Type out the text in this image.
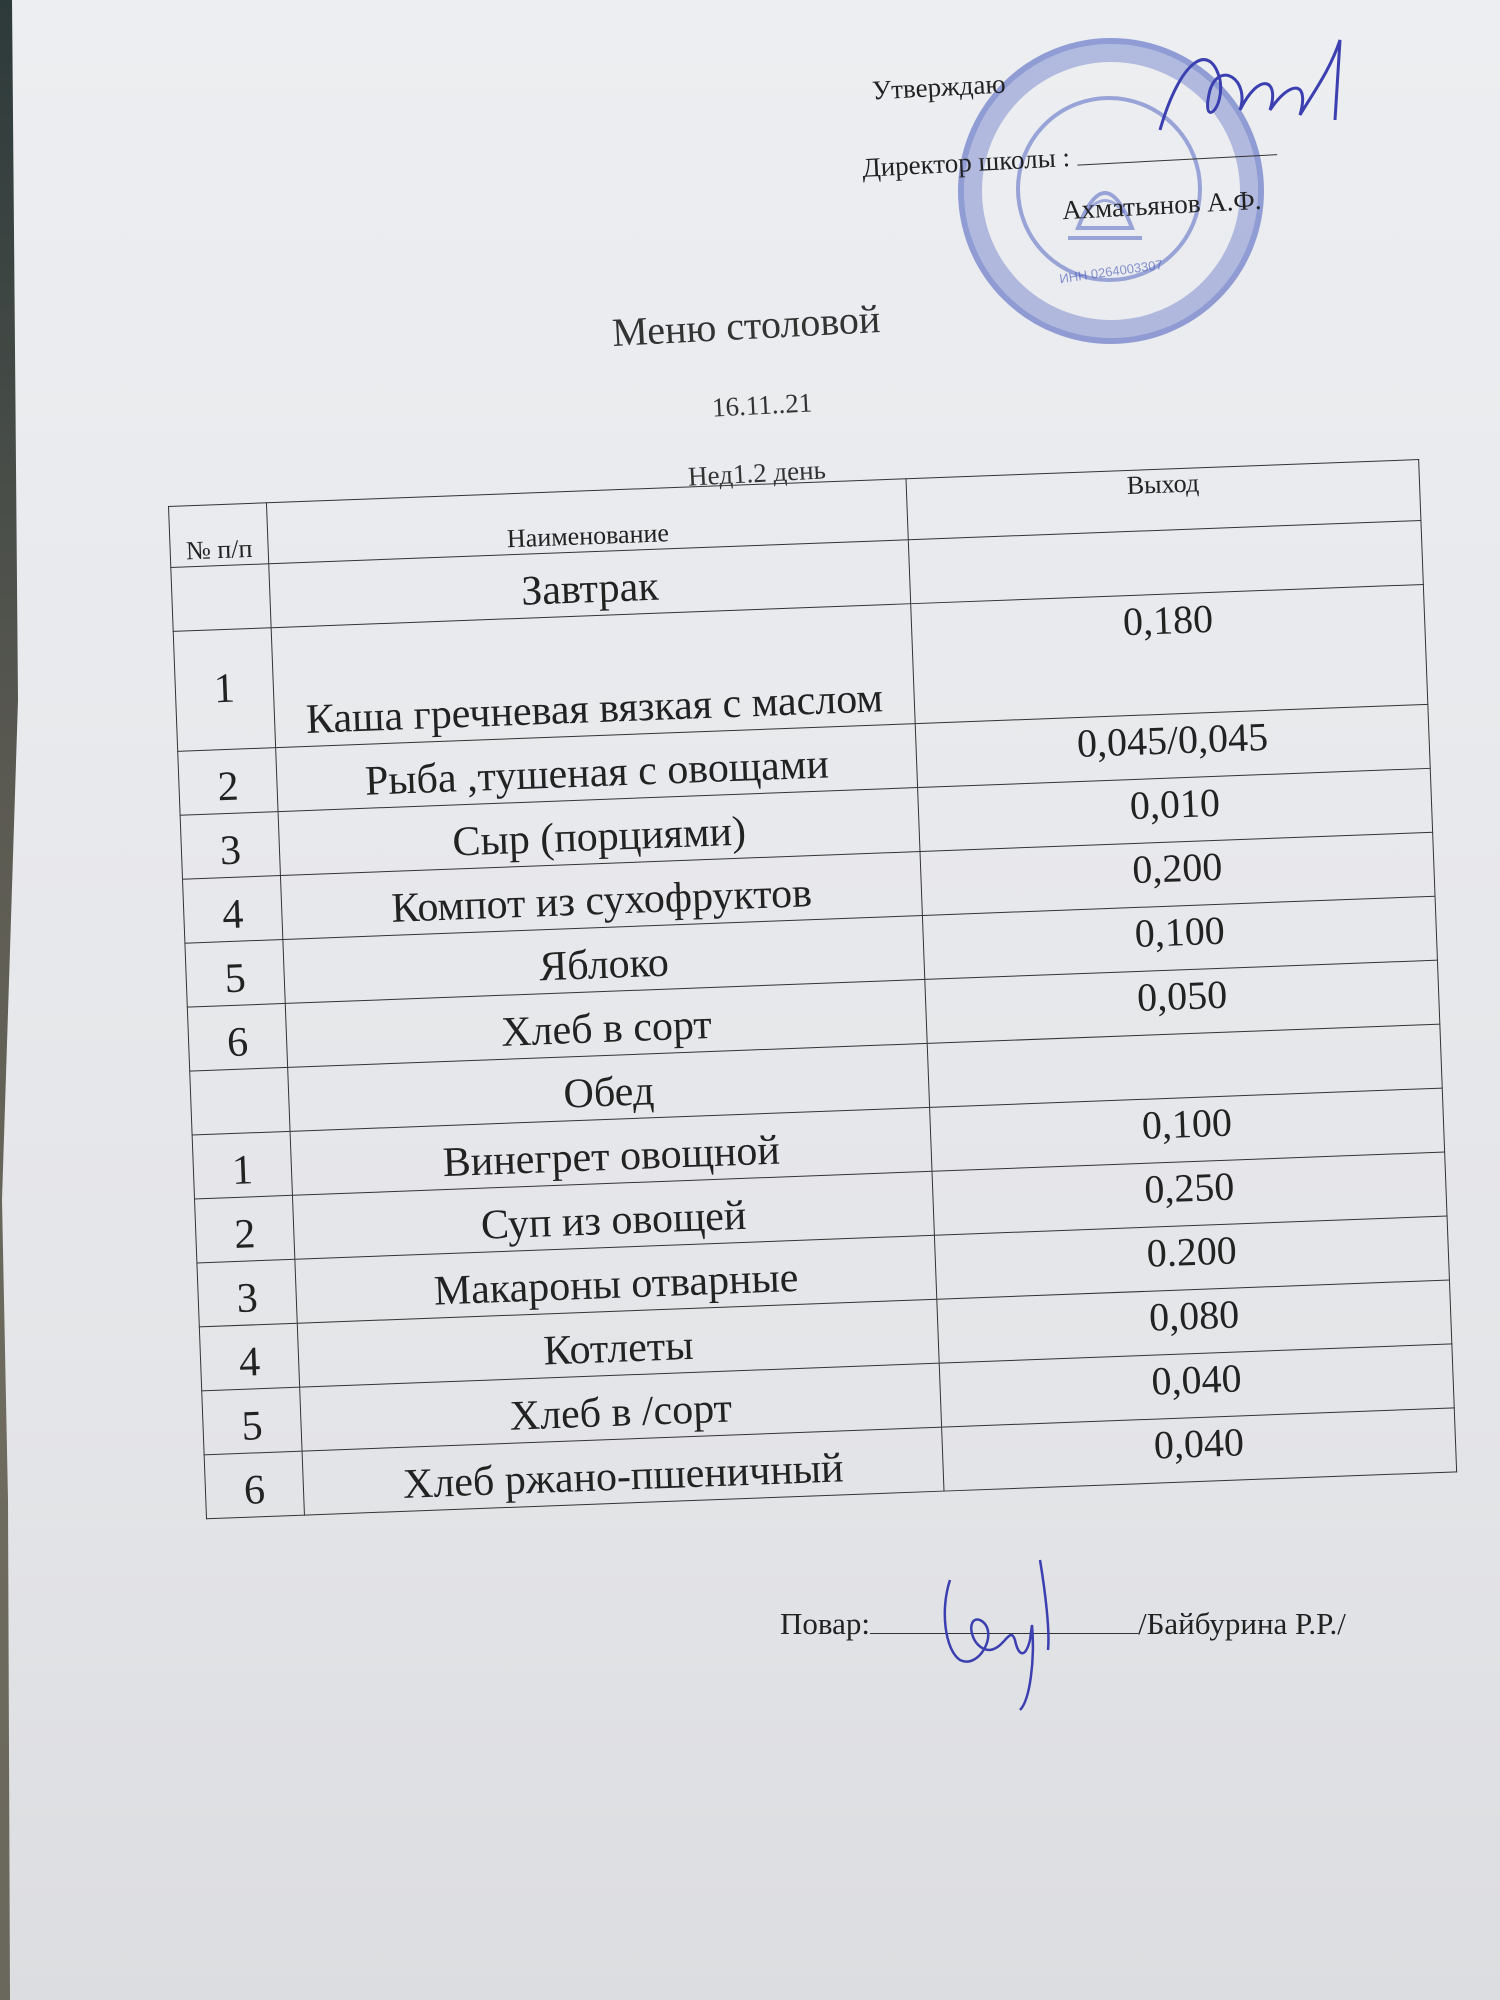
ИНН 0264003307
Утверждаю
Директор школы :
Ахматьянов А.Ф.
Меню столовой
16.11..21
Нед1.2 день
№ п/п	Наименование	Выход
	Завтрак	
1	Каша гречневая вязкая с маслом	0,180
2	Рыба ,тушеная с овощами	0,045/0,045
3	Сыр (порциями)	0,010
4	Компот из сухофруктов	0,200
5	Яблоко	0,100
6	Хлеб в сорт	0,050
	Обед	
1	Винегрет овощной	0,100
2	Суп из овощей	0,250
3	Макароны отварные	0.200
4	Котлеты	0,080
5	Хлеб в /сорт	0,040
6	Хлеб ржано-пшеничный	0,040
Повар:	/Байбурина Р.Р./
